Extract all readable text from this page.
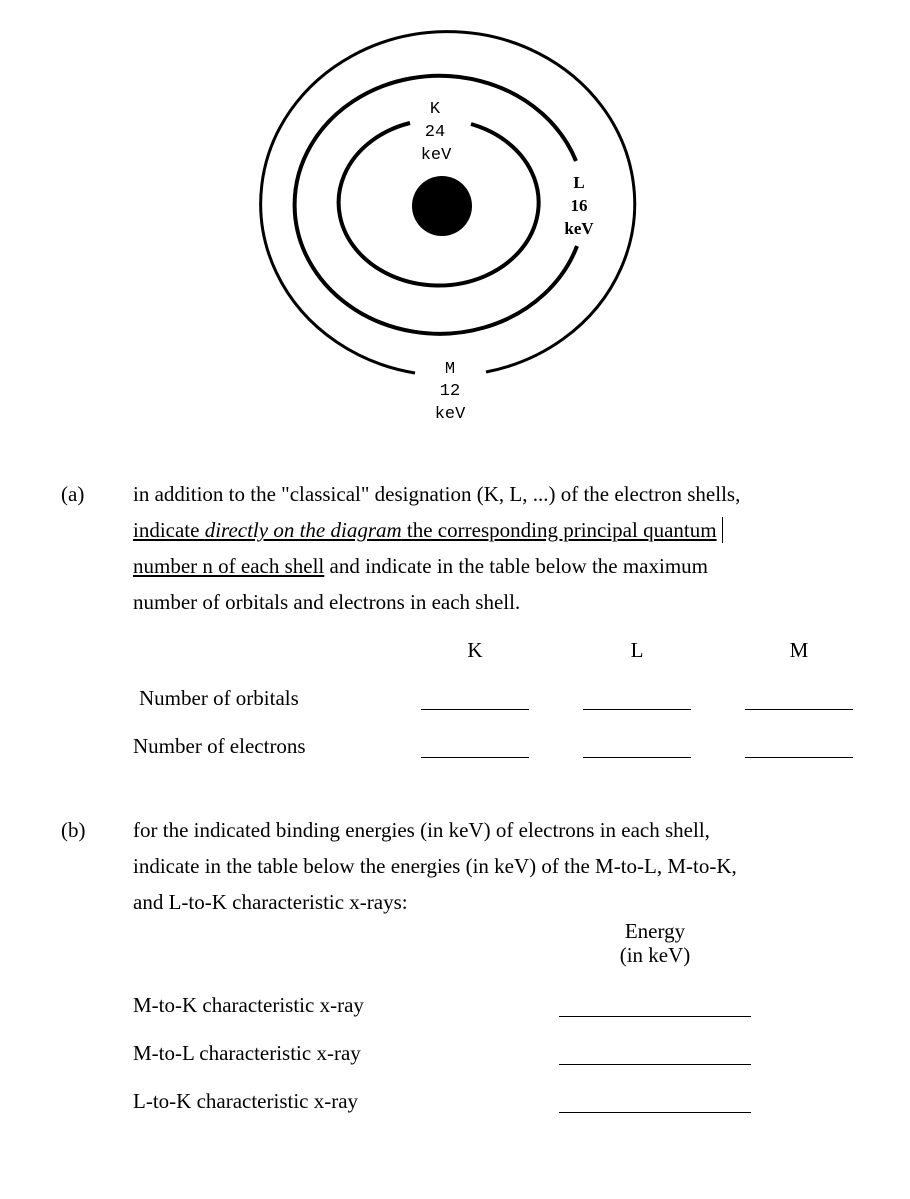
K
24
keV
L
16
keV
M
12
keV
(a) in addition to the "classical" designation (K, L, ...) of the electron shells,
indicate directly on the diagram the corresponding principal quantum
number n of each shell and indicate in the table below the maximum
number of orbitals and electrons in each shell.
K	L	M
Number of orbitals
Number of electrons
(b) for the indicated binding energies (in keV) of electrons in each shell,
indicate in the table below the energies (in keV) of the M-to-L, M-to-K,
and L-to-K characteristic x-rays:
Energy
(in keV)
M-to-K characteristic x-ray
M-to-L characteristic x-ray
L-to-K characteristic x-ray
